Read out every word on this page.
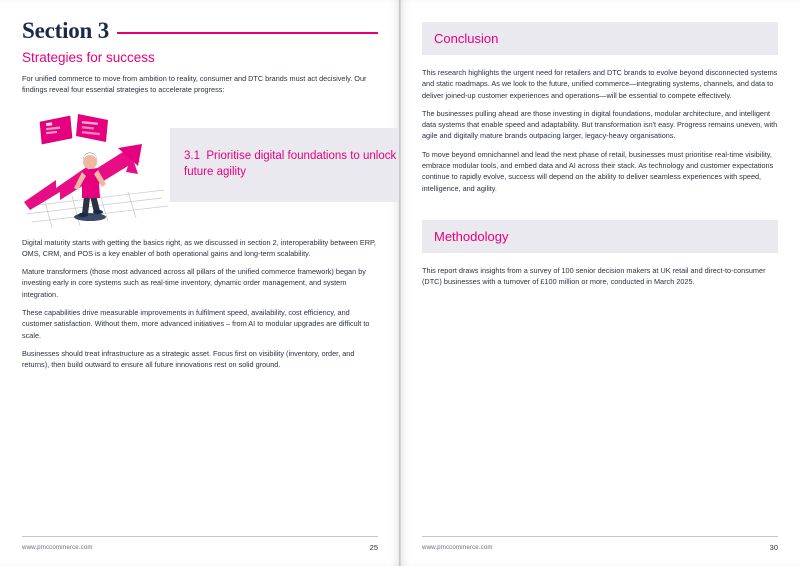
Section 3
Strategies for success

For unified commerce to move from ambition to reality, consumer and DTC brands must act decisively. Our findings reveal four essential strategies to accelerate progress:

3.1 Prioritise digital foundations to unlock future agility

Digital maturity starts with getting the basics right, as we discussed in section 2, interoperability between ERP, OMS, CRM, and POS is a key enabler of both operational gains and long-term scalability.

Mature transformers (those most advanced across all pillars of the unified commerce framework) began by investing early in core systems such as real-time inventory, dynamic order management, and system integration.

These capabilities drive measurable improvements in fulfilment speed, availability, cost efficiency, and customer satisfaction. Without them, more advanced initiatives – from AI to modular upgrades are difficult to scale.

Businesses should treat infrastructure as a strategic asset. Focus first on visibility (inventory, order, and returns), then build outward to ensure all future innovations rest on solid ground.

www.pmccommerce.com	25
Conclusion

This research highlights the urgent need for retailers and DTC brands to evolve beyond disconnected systems and static roadmaps. As we look to the future, unified commerce—integrating systems, channels, and data to deliver joined-up customer experiences and operations—will be essential to compete effectively.

The businesses pulling ahead are those investing in digital foundations, modular architecture, and intelligent data systems that enable speed and adaptability. But transformation isn't easy. Progress remains uneven, with agile and digitally mature brands outpacing larger, legacy-heavy organisations.

To move beyond omnichannel and lead the next phase of retail, businesses must prioritise real-time visibility, embrace modular tools, and embed data and AI across their stack. As technology and customer expectations continue to rapidly evolve, success will depend on the ability to deliver seamless experiences with speed, intelligence, and agility.

Methodology

This report draws insights from a survey of 100 senior decision makers at UK retail and direct-to-consumer (DTC) businesses with a turnover of £100 million or more, conducted in March 2025.

www.pmccommerce.com	30
